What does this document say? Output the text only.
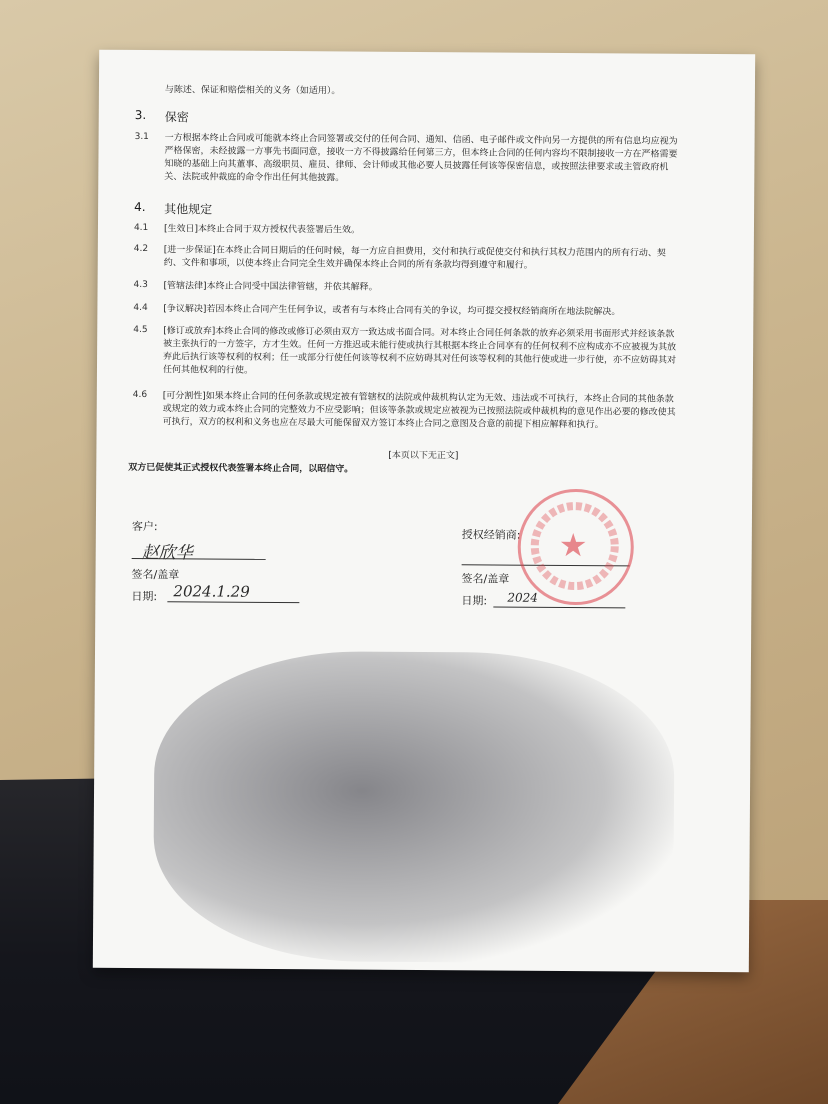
与陈述、保证和赔偿相关的义务（如适用）。
3. 保密
3.1 一方根据本终止合同或可能就本终止合同签署或交付的任何合同、通知、信函、电子邮件或文件向另一方提供的所有信息均应视为
严格保密，未经披露一方事先书面同意，接收一方不得披露给任何第三方，但本终止合同的任何内容均不限制接收一方在严格需要
知晓的基础上向其董事、高级职员、雇员、律师、会计师或其他必要人员披露任何该等保密信息，或按照法律要求或主管政府机
关、法院或仲裁庭的命令作出任何其他披露。
4. 其他规定
4.1 [生效日]本终止合同于双方授权代表签署后生效。
4.2 [进一步保证]在本终止合同日期后的任何时候，每一方应自担费用，交付和执行或促使交付和执行其权力范围内的所有行动、契
约、文件和事项，以使本终止合同完全生效并确保本终止合同的所有条款均得到遵守和履行。
4.3 [管辖法律]本终止合同受中国法律管辖，并依其解释。
4.4 [争议解决]若因本终止合同产生任何争议，或者有与本终止合同有关的争议，均可提交授权经销商所在地法院解决。
4.5 [修订或放弃]本终止合同的修改或修订必须由双方一致达成书面合同。对本终止合同任何条款的放弃必须采用书面形式并经该条款
被主张执行的一方签字，方才生效。任何一方推迟或未能行使或执行其根据本终止合同享有的任何权利不应构成亦不应被视为其放
弃此后执行该等权利的权利；任一或部分行使任何该等权利不应妨碍其对任何该等权利的其他行使或进一步行使，亦不应妨碍其对
任何其他权利的行使。
4.6 [可分割性]如果本终止合同的任何条款或规定被有管辖权的法院或仲裁机构认定为无效、违法或不可执行，本终止合同的其他条款
或规定的效力或本终止合同的完整效力不应受影响；但该等条款或规定应被视为已按照法院或仲裁机构的意见作出必要的修改使其
可执行，双方的权利和义务也应在尽最大可能保留双方签订本终止合同之意图及合意的前提下相应解释和执行。
[本页以下无正文]
双方已促使其正式授权代表签署本终止合同，以昭信守。
客户:
赵欣华
签名/盖章
日期: 2024.1.29
授权经销商:
签名/盖章
日期: 2024
★
